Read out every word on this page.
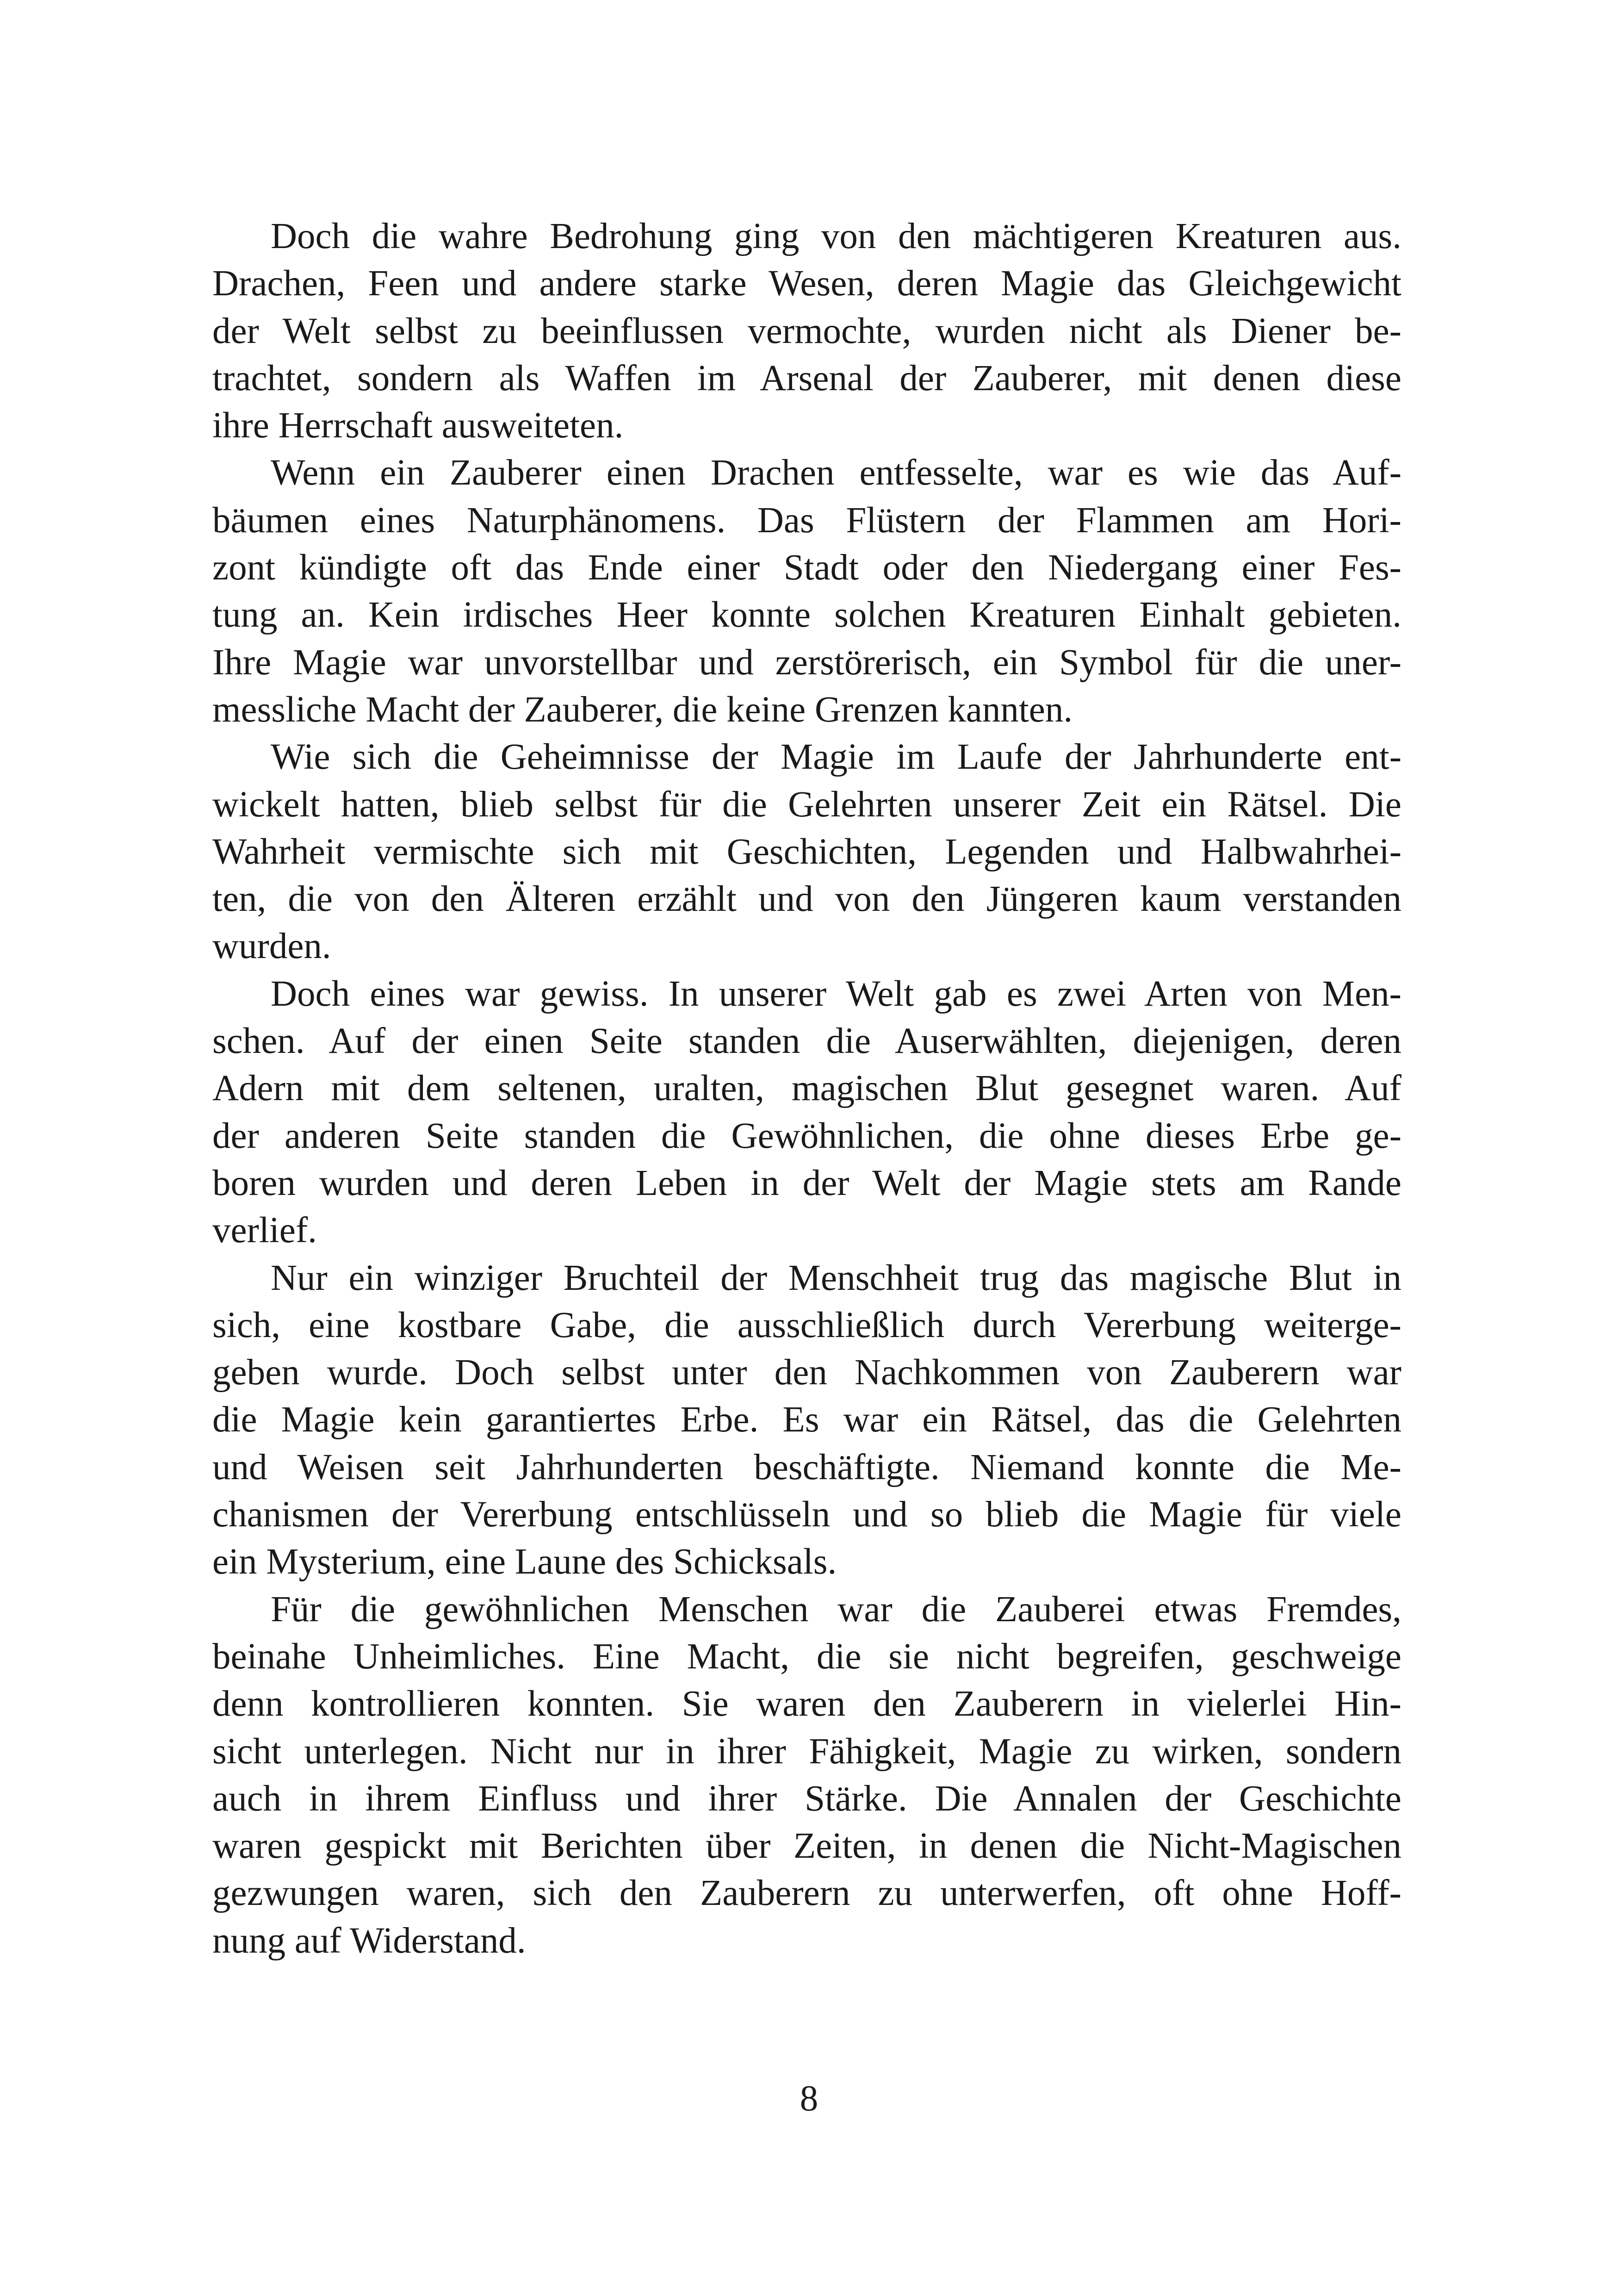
Doch die wahre Bedrohung ging von den mächtigeren Kreaturen aus.
Drachen, Feen und andere starke Wesen, deren Magie das Gleichgewicht
der Welt selbst zu beeinflussen vermochte, wurden nicht als Diener be-
trachtet, sondern als Waffen im Arsenal der Zauberer, mit denen diese
ihre Herrschaft ausweiteten.
Wenn ein Zauberer einen Drachen entfesselte, war es wie das Auf-
bäumen eines Naturphänomens. Das Flüstern der Flammen am Hori-
zont kündigte oft das Ende einer Stadt oder den Niedergang einer Fes-
tung an. Kein irdisches Heer konnte solchen Kreaturen Einhalt gebieten.
Ihre Magie war unvorstellbar und zerstörerisch, ein Symbol für die uner-
messliche Macht der Zauberer, die keine Grenzen kannten.
Wie sich die Geheimnisse der Magie im Laufe der Jahrhunderte ent-
wickelt hatten, blieb selbst für die Gelehrten unserer Zeit ein Rätsel. Die
Wahrheit vermischte sich mit Geschichten, Legenden und Halbwahrhei-
ten, die von den Älteren erzählt und von den Jüngeren kaum verstanden
wurden.
Doch eines war gewiss. In unserer Welt gab es zwei Arten von Men-
schen. Auf der einen Seite standen die Auserwählten, diejenigen, deren
Adern mit dem seltenen, uralten, magischen Blut gesegnet waren. Auf
der anderen Seite standen die Gewöhnlichen, die ohne dieses Erbe ge-
boren wurden und deren Leben in der Welt der Magie stets am Rande
verlief.
Nur ein winziger Bruchteil der Menschheit trug das magische Blut in
sich, eine kostbare Gabe, die ausschließlich durch Vererbung weiterge-
geben wurde. Doch selbst unter den Nachkommen von Zauberern war
die Magie kein garantiertes Erbe. Es war ein Rätsel, das die Gelehrten
und Weisen seit Jahrhunderten beschäftigte. Niemand konnte die Me-
chanismen der Vererbung entschlüsseln und so blieb die Magie für viele
ein Mysterium, eine Laune des Schicksals.
Für die gewöhnlichen Menschen war die Zauberei etwas Fremdes,
beinahe Unheimliches. Eine Macht, die sie nicht begreifen, geschweige
denn kontrollieren konnten. Sie waren den Zauberern in vielerlei Hin-
sicht unterlegen. Nicht nur in ihrer Fähigkeit, Magie zu wirken, sondern
auch in ihrem Einfluss und ihrer Stärke. Die Annalen der Geschichte
waren gespickt mit Berichten über Zeiten, in denen die Nicht-Magischen
gezwungen waren, sich den Zauberern zu unterwerfen, oft ohne Hoff-
nung auf Widerstand.
8
